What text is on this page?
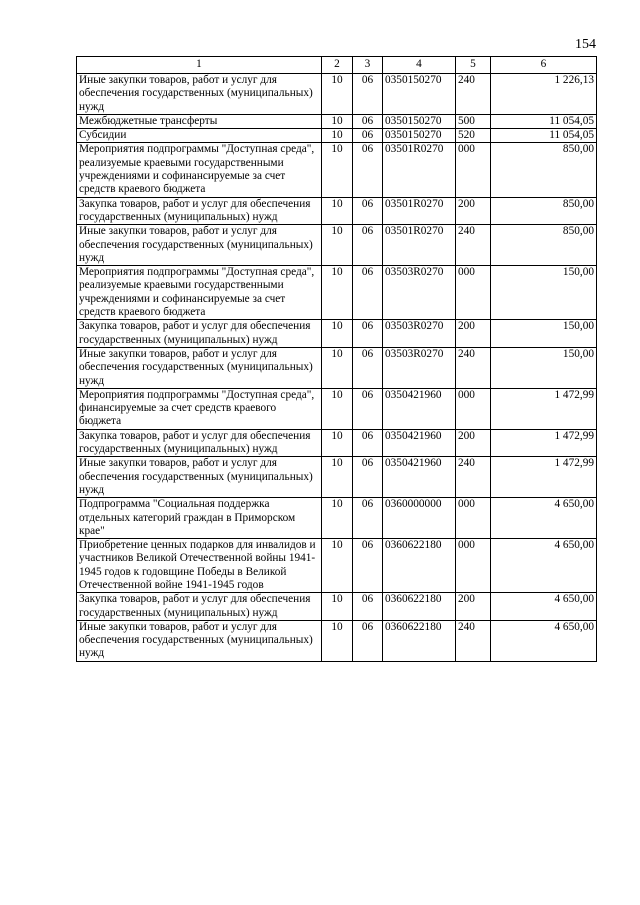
154
1	2	3	4	5	6
Иные закупки товаров, работ и услуг для обеспечения государственных (муниципальных) нужд	10	06	0350150270	240	1 226,13
Межбюджетные трансферты	10	06	0350150270	500	11 054,05
Субсидии	10	06	0350150270	520	11 054,05
Мероприятия подпрограммы "Доступная среда", реализуемые краевыми государственными учреждениями и софинансируемые за счет средств краевого бюджета	10	06	03501R0270	000	850,00
Закупка товаров, работ и услуг для обеспечения государственных (муниципальных) нужд	10	06	03501R0270	200	850,00
Иные закупки товаров, работ и услуг для обеспечения государственных (муниципальных) нужд	10	06	03501R0270	240	850,00
Мероприятия подпрограммы "Доступная среда", реализуемые краевыми государственными учреждениями и софинансируемые за счет средств краевого бюджета	10	06	03503R0270	000	150,00
Закупка товаров, работ и услуг для обеспечения государственных (муниципальных) нужд	10	06	03503R0270	200	150,00
Иные закупки товаров, работ и услуг для обеспечения государственных (муниципальных) нужд	10	06	03503R0270	240	150,00
Мероприятия подпрограммы "Доступная среда", финансируемые за счет средств краевого бюджета	10	06	0350421960	000	1 472,99
Закупка товаров, работ и услуг для обеспечения государственных (муниципальных) нужд	10	06	0350421960	200	1 472,99
Иные закупки товаров, работ и услуг для обеспечения государственных (муниципальных) нужд	10	06	0350421960	240	1 472,99
Подпрограмма "Социальная поддержка отдельных категорий граждан в Приморском крае"	10	06	0360000000	000	4 650,00
Приобретение ценных подарков для инвалидов и участников Великой Отечественной войны 1941-1945 годов к годовщине Победы в Великой Отечественной войне 1941-1945 годов	10	06	0360622180	000	4 650,00
Закупка товаров, работ и услуг для обеспечения государственных (муниципальных) нужд	10	06	0360622180	200	4 650,00
Иные закупки товаров, работ и услуг для обеспечения государственных (муниципальных) нужд	10	06	0360622180	240	4 650,00
